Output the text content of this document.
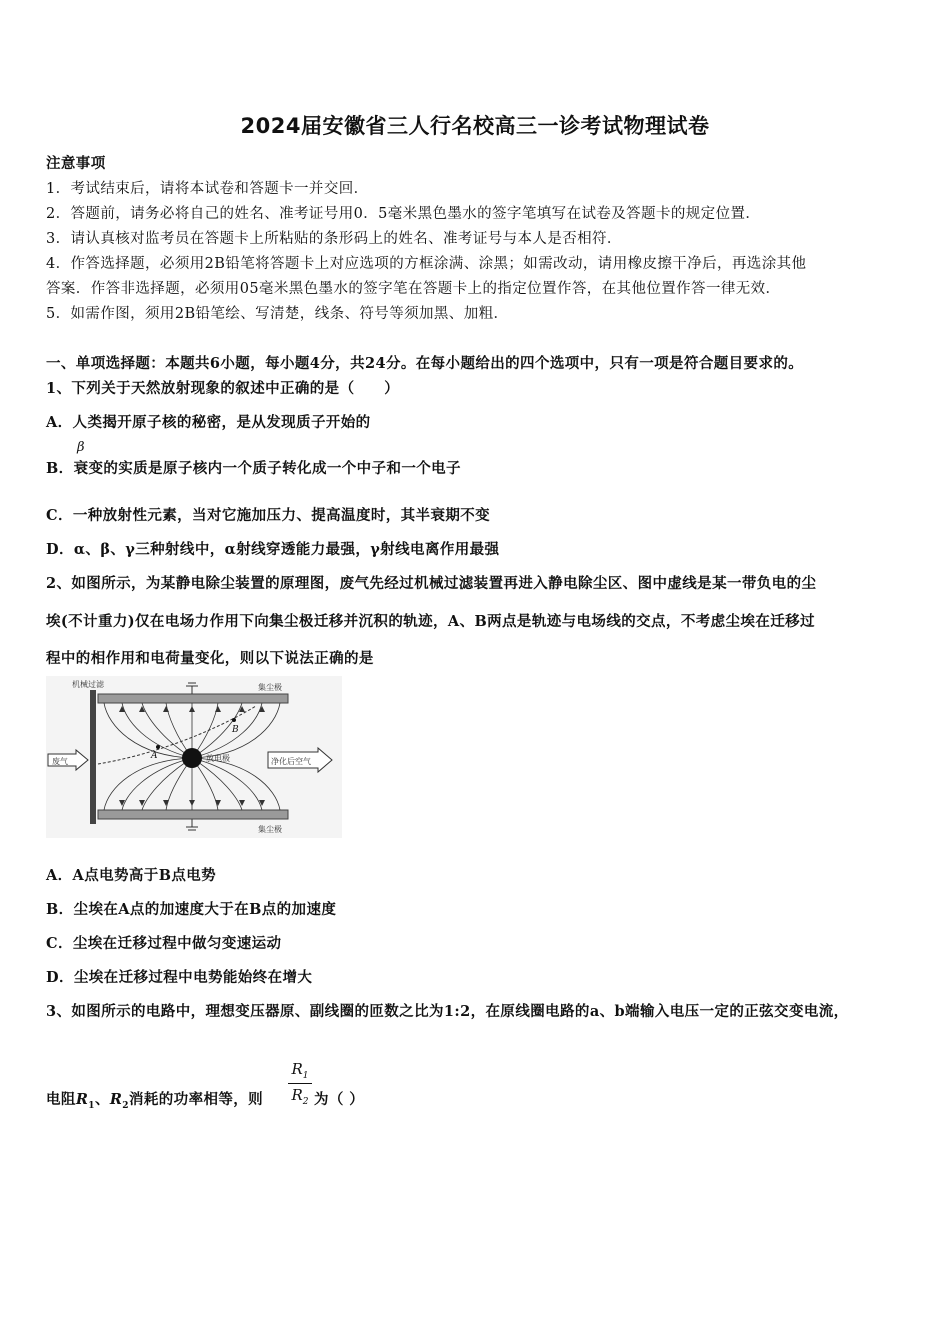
2024届安徽省三人行名校高三一诊考试物理试卷
注意事项
1．考试结束后，请将本试卷和答题卡一并交回．
2．答题前，请务必将自己的姓名、准考证号用0．5毫米黑色墨水的签字笔填写在试卷及答题卡的规定位置．
3．请认真核对监考员在答题卡上所粘贴的条形码上的姓名、准考证号与本人是否相符．
4．作答选择题，必须用2B铅笔将答题卡上对应选项的方框涂满、涂黑；如需改动，请用橡皮擦干净后，再选涂其他
答案．作答非选择题，必须用05毫米黑色墨水的签字笔在答题卡上的指定位置作答，在其他位置作答一律无效．
5．如需作图，须用2B铅笔绘、写清楚，线条、符号等须加黑、加粗．
一、单项选择题：本题共6小题，每小题4分，共24分。在每小题给出的四个选项中，只有一项是符合题目要求的。
1、下列关于天然放射现象的叙述中正确的是（　　）
A．人类揭开原子核的秘密，是从发现质子开始的
B．衰变的实质是原子核内一个质子转化成一个中子和一个电子
β
C．一种放射性元素，当对它施加压力、提高温度时，其半衰期不变
D．α、β、γ三种射线中，α射线穿透能力最强，γ射线电离作用最强
2、如图所示，为某静电除尘装置的原理图，废气先经过机械过滤装置再进入静电除尘区、图中虚线是某一带负电的尘
埃(不计重力)仅在电场力作用下向集尘极迁移并沉积的轨迹，A、B两点是轨迹与电场线的交点，不考虑尘埃在迁移过
程中的相作用和电荷量变化，则以下说法正确的是
机械过滤	集尘极
集尘极
A
B
放电极
废气	净化后空气
A．A点电势高于B点电势
B．尘埃在A点的加速度大于在B点的加速度
C．尘埃在迁移过程中做匀变速运动
D．尘埃在迁移过程中电势能始终在增大
3、如图所示的电路中，理想变压器原、副线圈的匝数之比为1:2，在原线圈电路的a、b端输入电压一定的正弦交变电流，
电阻$R_1$、$R_2$消耗的功率相等，则 $\frac{R_1}{R_2}$ 为（ ）
